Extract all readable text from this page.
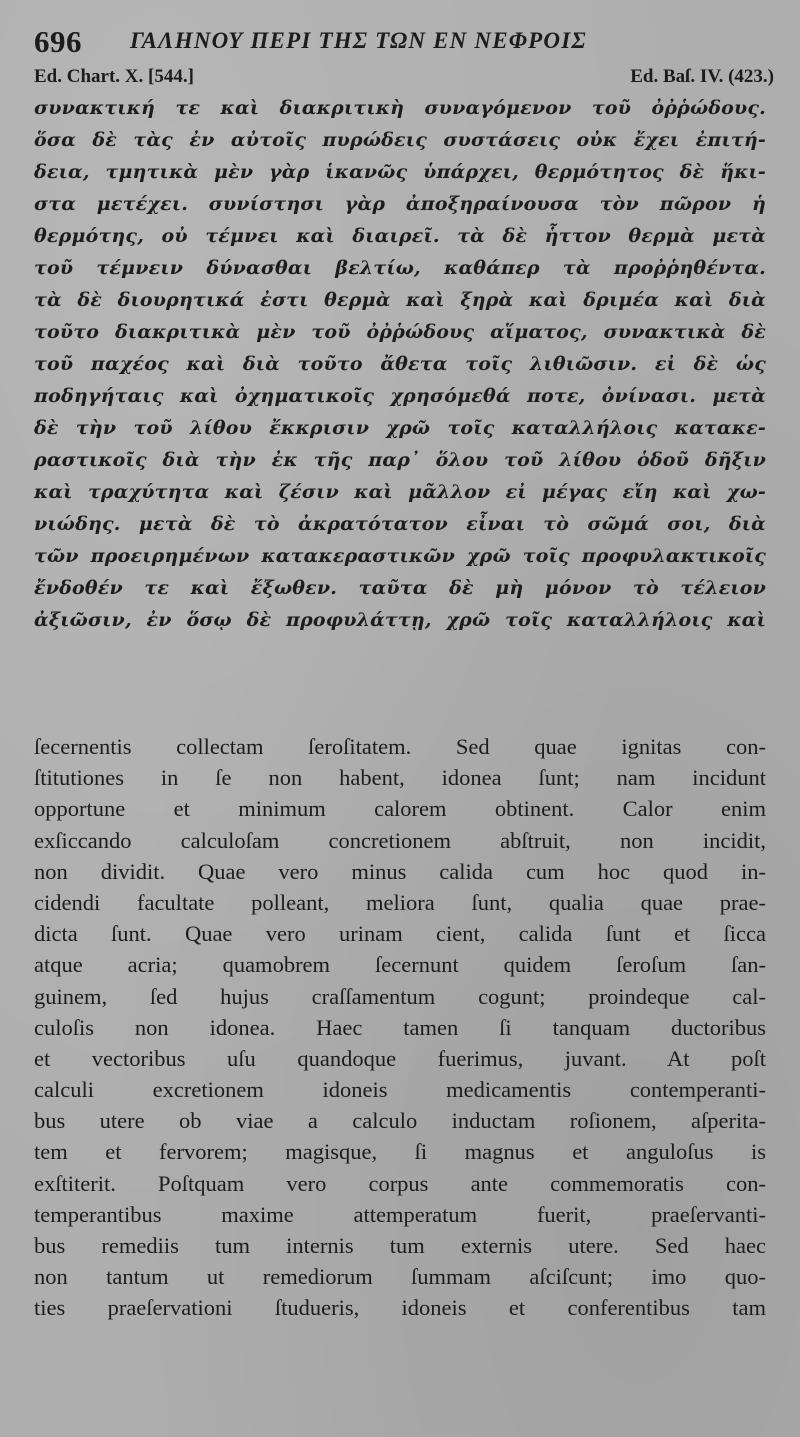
696 ΓΑΛΗΝΟΥ ΠΕΡΙ ΤΗΣ ΤΩΝ ΕΝ ΝΕΦΡΟΙΣ
Ed. Chart. X. [544.]	Ed. Baſ. IV. (423.)
συνακτική τε καὶ διακριτικὴ συναγόμενον τοῦ ὀῤῥώδους.
ὅσα δὲ τὰς ἐν αὐτοῖς πυρώδεις συστάσεις οὐκ ἔχει ἐπιτή-
δεια, τμητικὰ μὲν γὰρ ἱκανῶς ὑπάρχει, θερμότητος δὲ ἥκι-
στα μετέχει. συνίστησι γὰρ ἀποξηραίνουσα τὸν πῶρον ἡ
θερμότης, οὐ τέμνει καὶ διαιρεῖ. τὰ δὲ ἧττον θερμὰ μετὰ
τοῦ τέμνειν δύνασθαι βελτίω, καθάπερ τὰ προῤῥηθέντα.
τὰ δὲ διουρητικά ἐστι θερμὰ καὶ ξηρὰ καὶ δριμέα καὶ διὰ
τοῦτο διακριτικὰ μὲν τοῦ ὀῤῥώδους αἵματος, συνακτικὰ δὲ
τοῦ παχέος καὶ διὰ τοῦτο ἄθετα τοῖς λιθιῶσιν. εἰ δὲ ὡς
ποδηγήταις καὶ ὀχηματικοῖς χρησόμεθά ποτε, ὀνίνασι. μετὰ
δὲ τὴν τοῦ λίθου ἔκκρισιν χρῶ τοῖς καταλλήλοις κατακε-
ραστικοῖς διὰ τὴν ἐκ τῆς παρ᾽ ὅλου τοῦ λίθου ὁδοῦ δῆξιν
καὶ τραχύτητα καὶ ζέσιν καὶ μᾶλλον εἰ μέγας εἴη καὶ χω-
νιώδης. μετὰ δὲ τὸ ἀκρατότατον εἶναι τὸ σῶμά σοι, διὰ
τῶν προειρημένων κατακεραστικῶν χρῶ τοῖς προφυλακτικοῖς
ἔνδοθέν τε καὶ ἔξωθεν. ταῦτα δὲ μὴ μόνον τὸ τέλειον
ἀξιῶσιν, ἐν ὅσῳ δὲ προφυλάττῃ, χρῶ τοῖς καταλλήλοις καὶ
ſecernentis collectam ſeroſitatem. Sed quae ignitas con-
ſtitutiones in ſe non habent, idonea ſunt; nam incidunt
opportune et minimum calorem obtinent. Calor enim
exſiccando calculoſam concretionem abſtruit, non incidit,
non dividit. Quae vero minus calida cum hoc quod in-
cidendi facultate polleant, meliora ſunt, qualia quae prae-
dicta ſunt. Quae vero urinam cient, calida ſunt et ſicca
atque acria; quamobrem ſecernunt quidem ſeroſum ſan-
guinem, ſed hujus craſſamentum cogunt; proindeque cal-
culoſis non idonea. Haec tamen ſi tanquam ductoribus
et vectoribus uſu quandoque fuerimus, juvant. At poſt
calculi excretionem idoneis medicamentis contemperanti-
bus utere ob viae a calculo inductam roſionem, aſperita-
tem et fervorem; magisque, ſi magnus et anguloſus is
exſtiterit. Poſtquam vero corpus ante commemoratis con-
temperantibus maxime attemperatum fuerit, praeſervanti-
bus remediis tum internis tum externis utere. Sed haec
non tantum ut remediorum ſummam aſciſcunt; imo quo-
ties praeſervationi ſtudueris, idoneis et conferentibus tam
